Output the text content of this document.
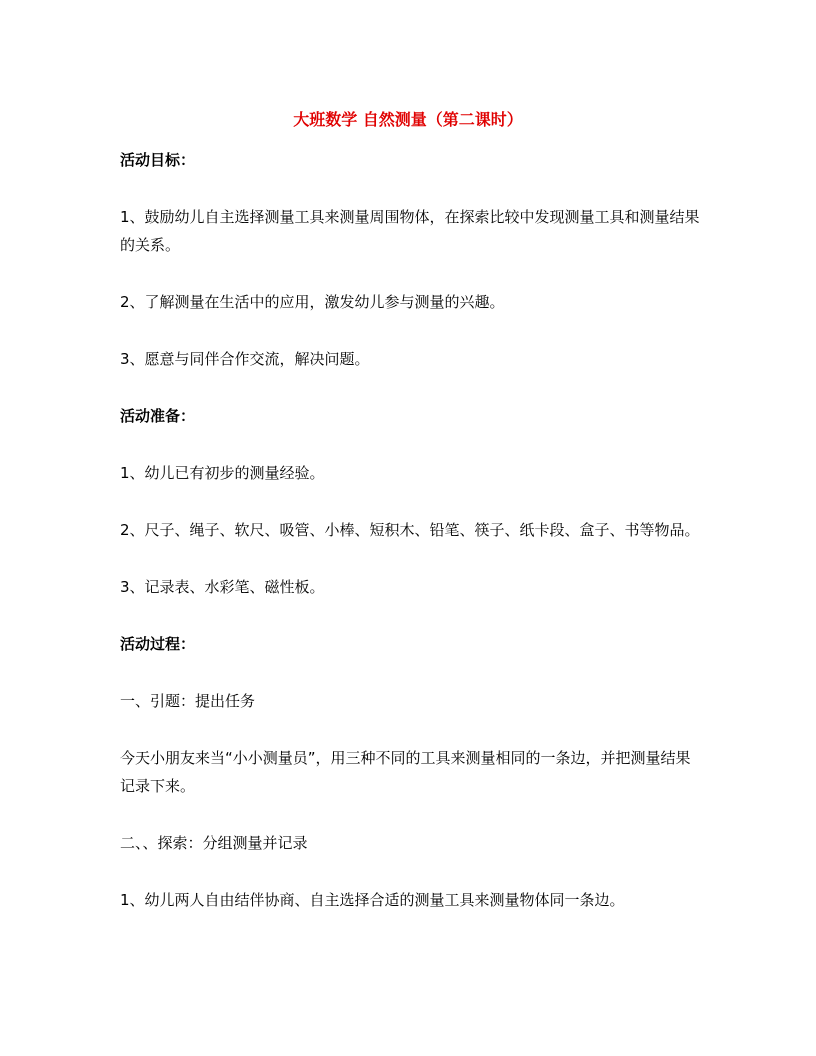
大班数学 自然测量（第二课时）

活动目标：

1、鼓励幼儿自主选择测量工具来测量周围物体，在探索比较中发现测量工具和测量结果的关系。

2、了解测量在生活中的应用，激发幼儿参与测量的兴趣。

3、愿意与同伴合作交流，解决问题。

活动准备：

1、幼儿已有初步的测量经验。

2、尺子、绳子、软尺、吸管、小棒、短积木、铅笔、筷子、纸卡段、盒子、书等物品。

3、记录表、水彩笔、磁性板。

活动过程：

一、引题：提出任务

今天小朋友来当“小小测量员”，用三种不同的工具来测量相同的一条边，并把测量结果记录下来。

二、、探索：分组测量并记录

1、幼儿两人自由结伴协商、自主选择合适的测量工具来测量物体同一条边。
